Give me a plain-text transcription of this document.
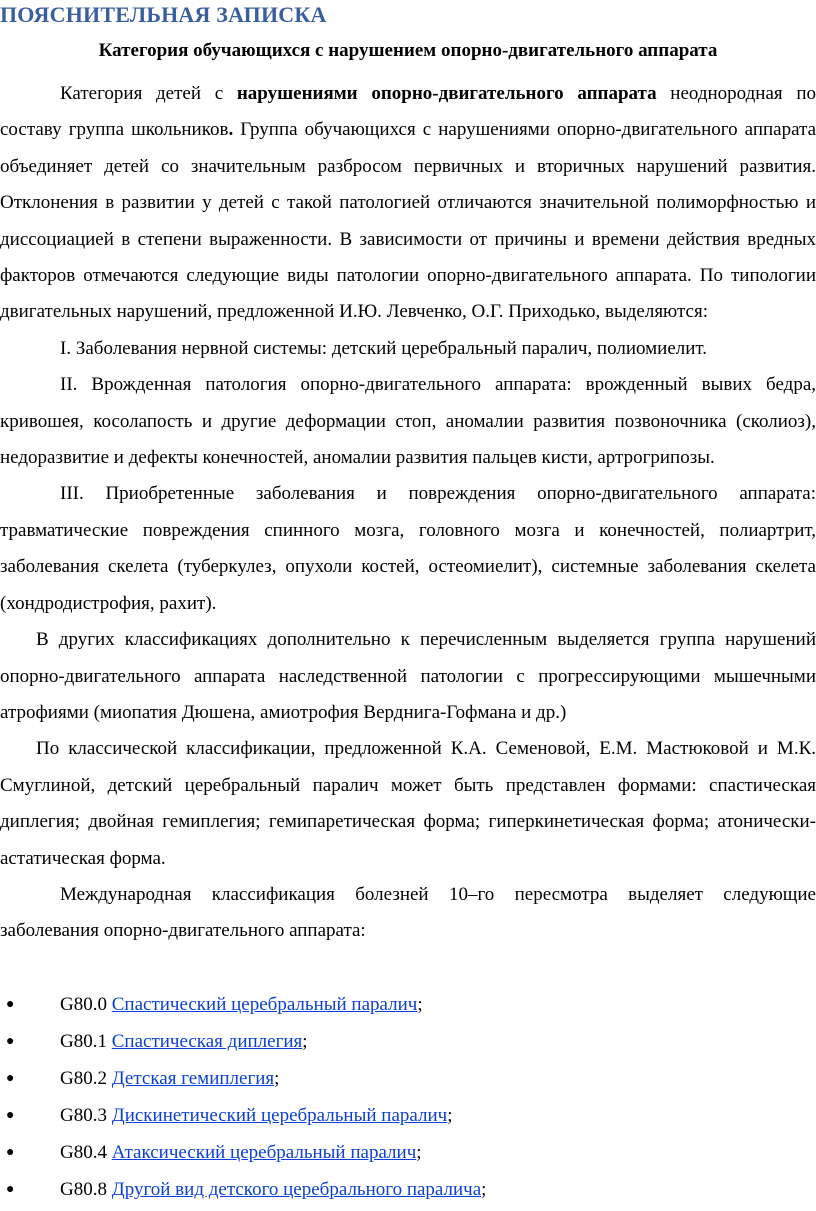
ПОЯСНИТЕЛЬНАЯ ЗАПИСКА
Категория обучающихся с нарушением опорно-двигательного аппарата

Категория детей с нарушениями опорно-двигательного аппарата неоднородная по составу группа школьников. Группа обучающихся с нарушениями опорно-двигательного аппарата объединяет детей со значительным разбросом первичных и вторичных нарушений развития. Отклонения в развитии у детей с такой патологией отличаются значительной полиморфностью и диссоциацией в степени выраженности. В зависимости от причины и времени действия вредных факторов отмечаются следующие виды патологии опорно-двигательного аппарата. По типологии двигательных нарушений, предложенной И.Ю. Левченко, О.Г. Приходько, выделяются:

I. Заболевания нервной системы: детский церебральный паралич, полиомиелит.

II. Врожденная патология опорно-двигательного аппарата: врожденный вывих бедра, кривошея, косолапость и другие деформации стоп, аномалии развития позвоночника (сколиоз), недоразвитие и дефекты конечностей, аномалии развития пальцев кисти, артрогрипозы.

III. Приобретенные заболевания и повреждения опорно-двигательного аппарата: травматические повреждения спинного мозга, головного мозга и конечностей, полиартрит, заболевания скелета (туберкулез, опухоли костей, остеомиелит), системные заболевания скелета (хондродистрофия, рахит).

В других классификациях дополнительно к перечисленным выделяется группа нарушений опорно-двигательного аппарата наследственной патологии с прогрессирующими мышечными атрофиями (миопатия Дюшена, амиотрофия Верднига-Гофмана и др.)

По классической классификации, предложенной К.А. Семеновой, Е.М. Мастюковой и М.К. Смуглиной, детский церебральный паралич может быть представлен формами: спастическая диплегия; двойная гемиплегия; гемипаретическая форма; гиперкинетическая форма; атонически-астатическая форма.

Международная классификация болезней 10–го пересмотра выделяет следующие заболевания опорно-двигательного аппарата:

● G80.0 Спастический церебральный паралич;
● G80.1 Спастическая диплегия;
● G80.2 Детская гемиплегия;
● G80.3 Дискинетический церебральный паралич;
● G80.4 Атаксический церебральный паралич;
● G80.8 Другой вид детского церебрального паралича;
